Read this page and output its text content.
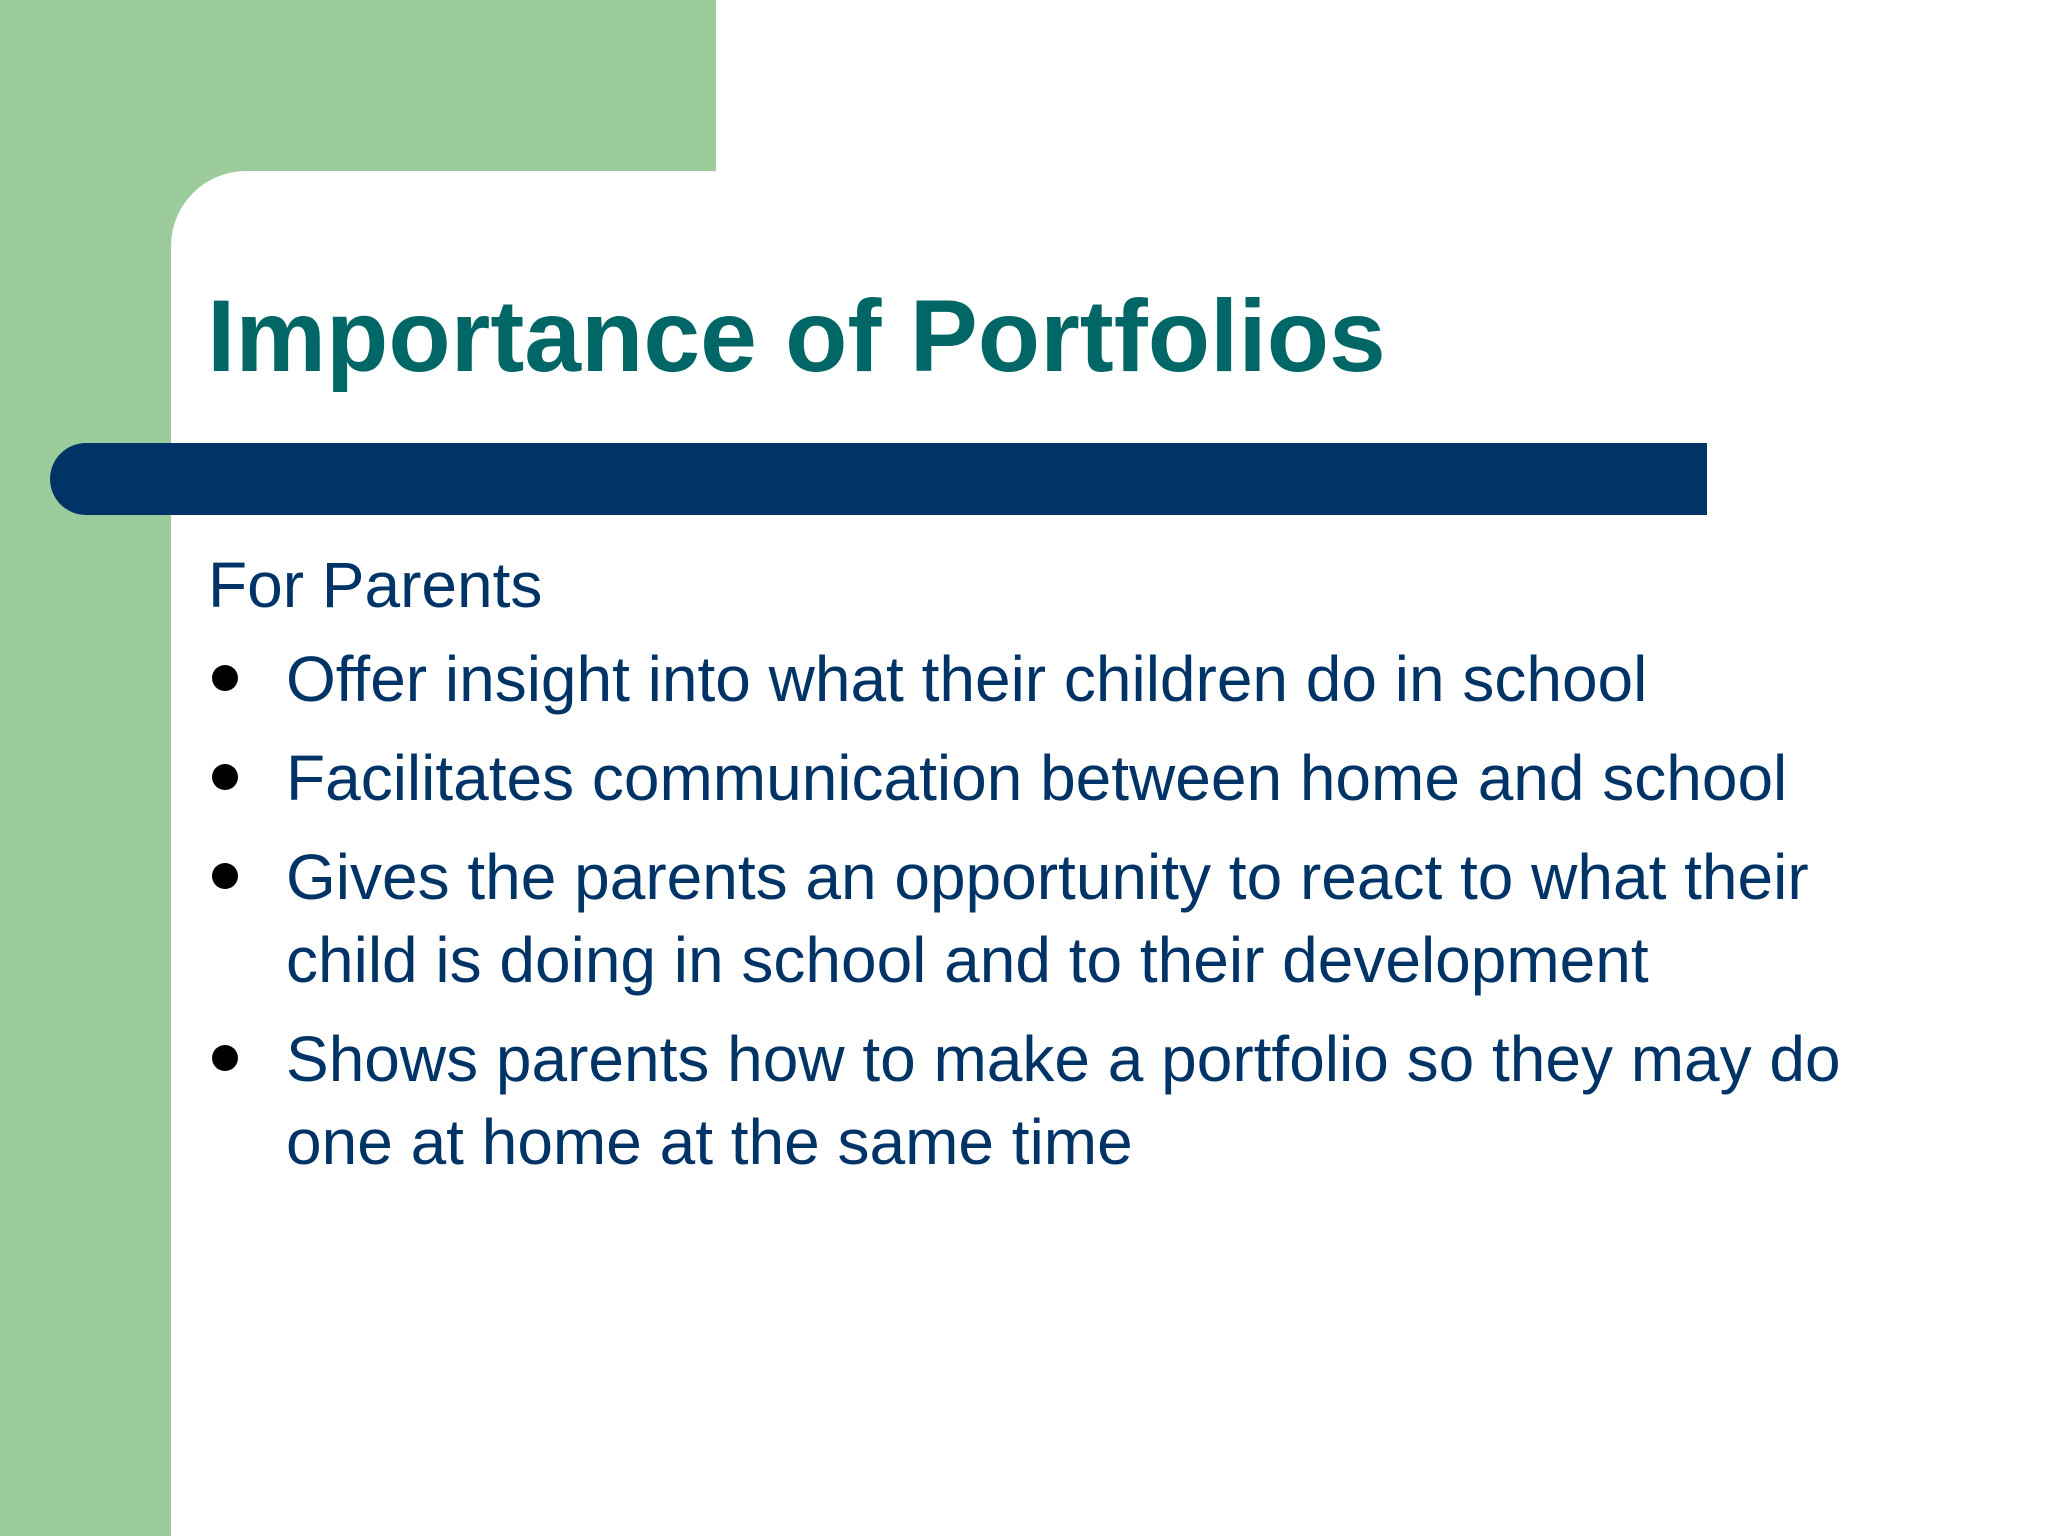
Importance of Portfolios

For Parents

Offer insight into what their children do in school
Facilitates communication between home and school
Gives the parents an opportunity to react to what their child is doing in school and to their development
Shows parents how to make a portfolio so they may do one at home at the same time
